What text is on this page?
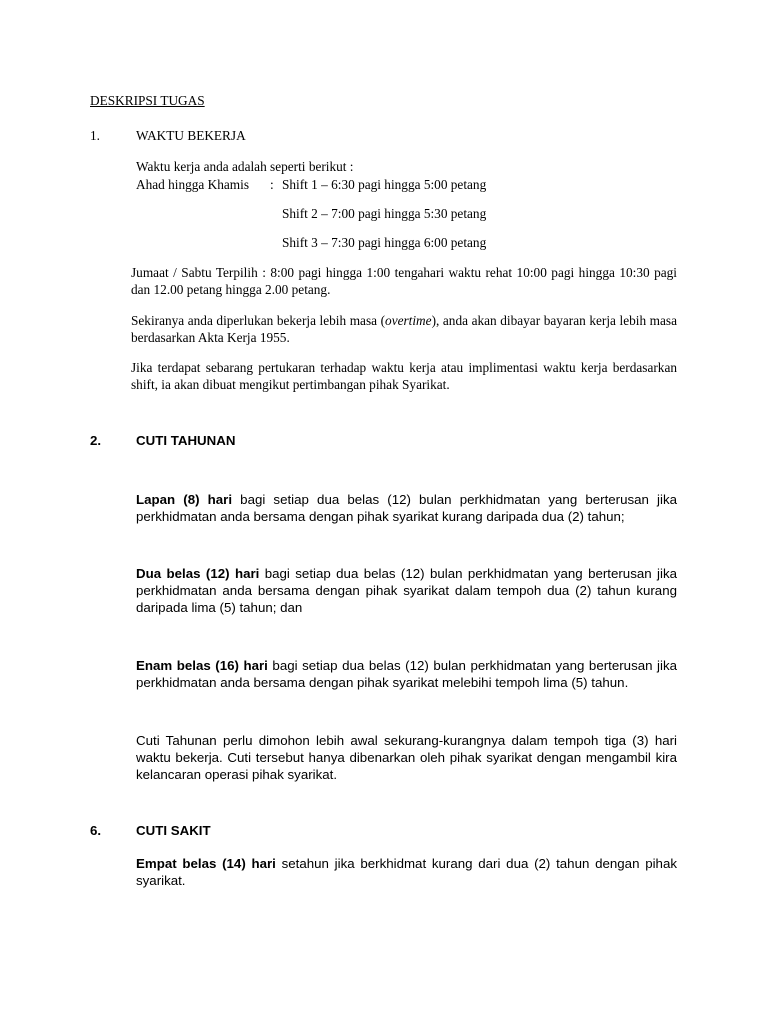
DESKRIPSI TUGAS
1.	WAKTU BEKERJA
Waktu kerja anda adalah seperti berikut :
Ahad hingga Khamis : Shift 1 – 6:30 pagi hingga 5:00 petang
Shift 2 – 7:00 pagi hingga 5:30 petang
Shift 3 – 7:30 pagi hingga 6:00 petang
Jumaat / Sabtu Terpilih : 8:00 pagi hingga 1:00 tengahari waktu rehat 10:00 pagi hingga 10:30 pagi dan 12.00 petang hingga 2.00 petang.
Sekiranya anda diperlukan bekerja lebih masa (overtime), anda akan dibayar bayaran kerja lebih masa berdasarkan Akta Kerja 1955.
Jika terdapat sebarang pertukaran terhadap waktu kerja atau implimentasi waktu kerja berdasarkan shift, ia akan dibuat mengikut pertimbangan pihak Syarikat.
2.	CUTI TAHUNAN
Lapan (8) hari bagi setiap dua belas (12) bulan perkhidmatan yang berterusan jika perkhidmatan anda bersama dengan pihak syarikat kurang daripada dua (2) tahun;
Dua belas (12) hari bagi setiap dua belas (12) bulan perkhidmatan yang berterusan jika perkhidmatan anda bersama dengan pihak syarikat dalam tempoh dua (2) tahun kurang daripada lima (5) tahun; dan
Enam belas (16) hari bagi setiap dua belas (12) bulan perkhidmatan yang berterusan jika perkhidmatan anda bersama dengan pihak syarikat melebihi tempoh lima (5) tahun.
Cuti Tahunan perlu dimohon lebih awal sekurang-kurangnya dalam tempoh tiga (3) hari waktu bekerja. Cuti tersebut hanya dibenarkan oleh pihak syarikat dengan mengambil kira kelancaran operasi pihak syarikat.
6.	CUTI SAKIT
Empat belas (14) hari setahun jika berkhidmat kurang dari dua (2) tahun dengan pihak syarikat.
